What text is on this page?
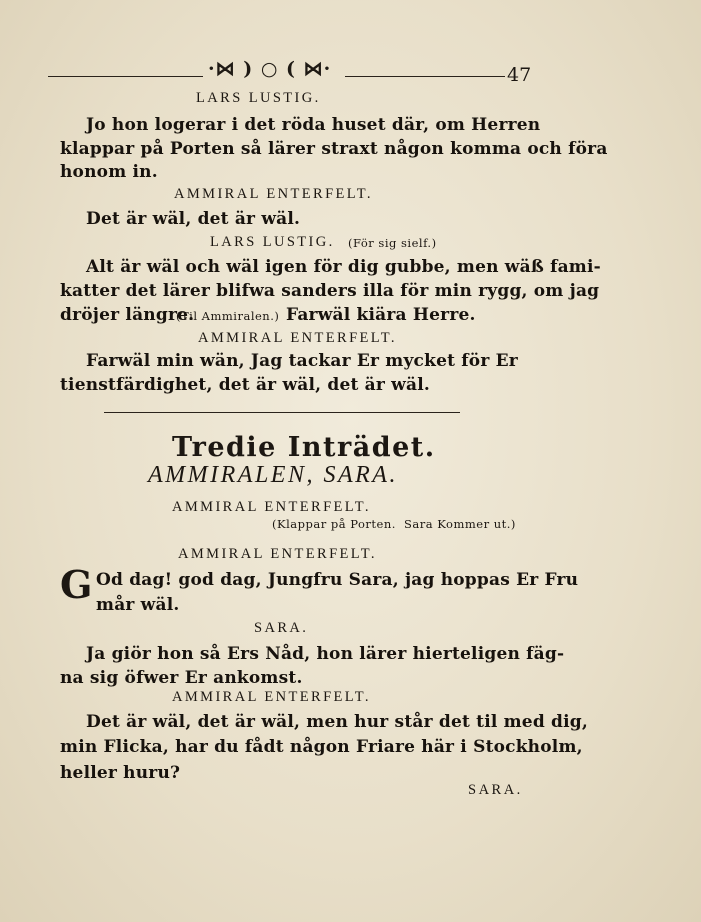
·⋈ ) ○ ( ⋈·	47
LARS LUSTIG.
Jo hon logerar i det röda huset där, om Herren
klappar på Porten så lärer straxt någon komma och föra
honom in.
AMMIRAL ENTERFELT.
Det är wäl, det är wäl.
LARS LUSTIG. (För sig sielf.)
Alt är wäl och wäl igen för dig gubbe, men wäß fami-
katter det lärer blifwa sanders illa för min rygg, om jag
dröjer längre.
(Til Ammiralen.) Farwäl kiära Herre.
AMMIRAL ENTERFELT.
Farwäl min wän, Jag tackar Er mycket för Er
tienstfärdighet, det är wäl, det är wäl.
Tredie Inträdet.
AMMIRALEN, SARA.
AMMIRAL ENTERFELT.
(Klappar på Porten. Sara Kommer ut.)
AMMIRAL ENTERFELT.
G Od dag! god dag, Jungfru Sara, jag hoppas Er Fru
mår wäl.
SARA.
Ja giör hon så Ers Nåd, hon lärer hierteligen fäg-
na sig öfwer Er ankomst.
AMMIRAL ENTERFELT.
Det är wäl, det är wäl, men hur står det til med dig,
min Flicka, har du fådt någon Friare här i Stockholm,
heller huru?
SARA.
